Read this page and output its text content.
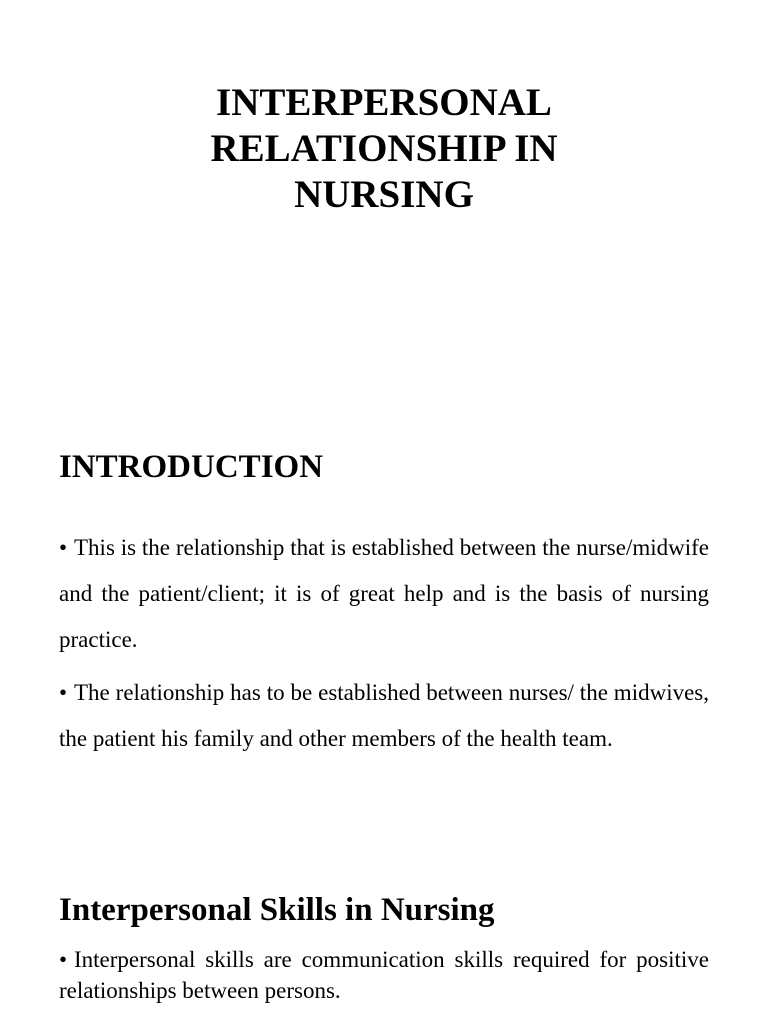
INTERPERSONAL
RELATIONSHIP IN
NURSING
INTRODUCTION

• This is the relationship that is established between the nurse/midwife and the patient/client; it is of great help and is the basis of nursing practice.

• The relationship has to be established between nurses/ the midwives, the patient his family and other members of the health team.

Interpersonal Skills in Nursing

• Interpersonal skills are communication skills required for positive relationships between persons.
